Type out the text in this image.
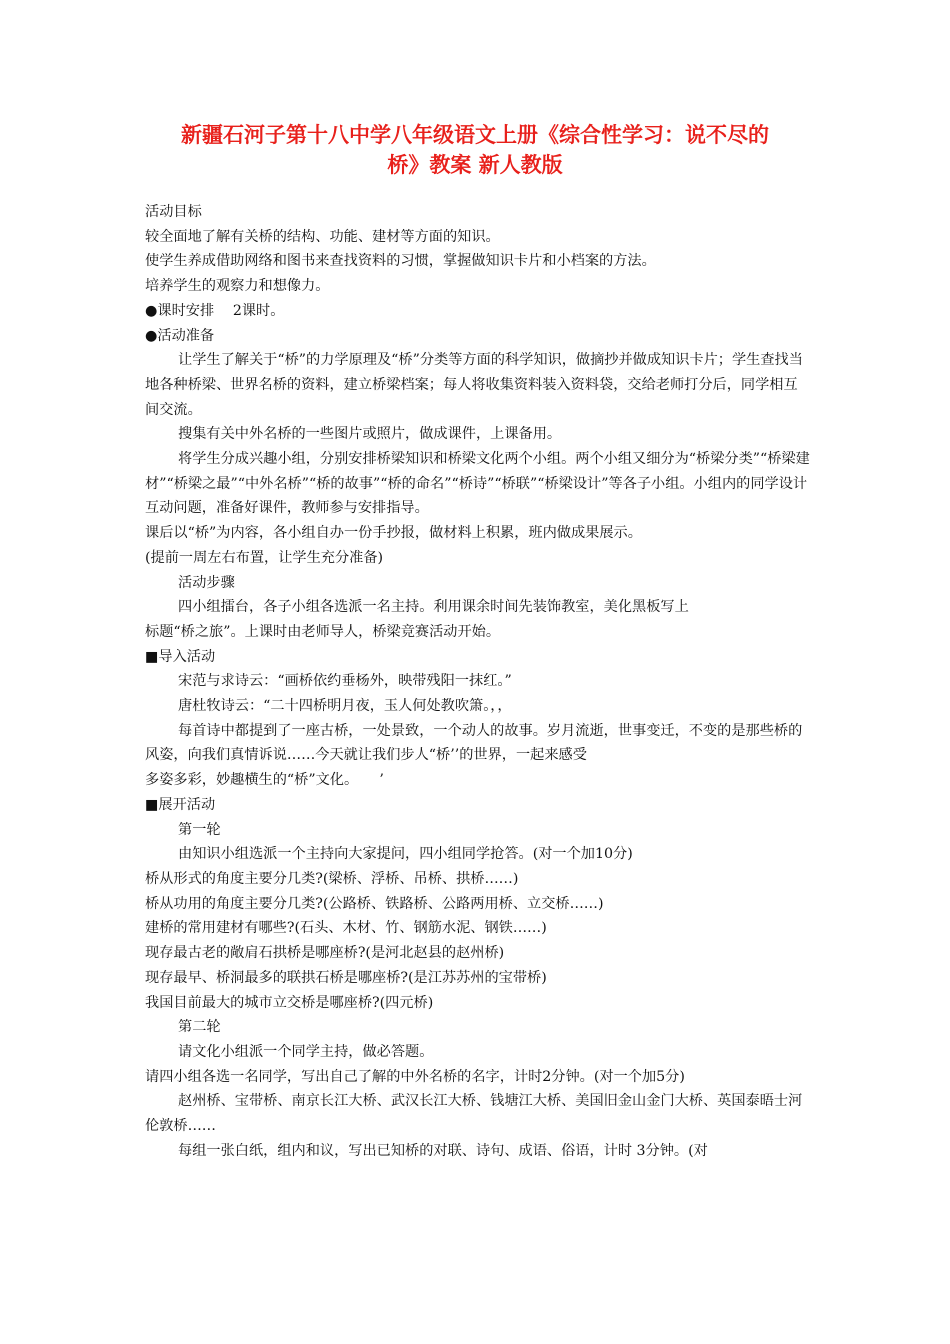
新疆石河子第十八中学八年级语文上册《综合性学习：说不尽的
桥》教案 新人教版

活动目标

较全面地了解有关桥的结构、功能、建材等方面的知识。

使学生养成借助网络和图书来查找资料的习惯，掌握做知识卡片和小档案的方法。

培养学生的观察力和想像力。

●课时安排　 2课时。

●活动准备

让学生了解关于“桥”的力学原理及“桥”分类等方面的科学知识，做摘抄并做成知识卡片；学生查找当地各种桥梁、世界名桥的资料，建立桥梁档案；每人将收集资料装入资料袋，交给老师打分后，同学相互间交流。

搜集有关中外名桥的一些图片或照片，做成课件，上课备用。

将学生分成兴趣小组，分别安排桥梁知识和桥梁文化两个小组。两个小组又细分为“桥梁分类”“桥梁建材”“桥梁之最”“中外名桥”“桥的故事”“桥的命名”“桥诗”“桥联”“桥梁设计”等各子小组。小组内的同学设计互动问题，准备好课件，教师参与安排指导。

课后以“桥”为内容，各小组自办一份手抄报，做材料上积累，班内做成果展示。

(提前一周左右布置，让学生充分准备)

活动步骤

四小组擂台，各子小组各选派一名主持。利用课余时间先装饰教室，美化黑板写上

标题“桥之旅”。上课时由老师导人，桥梁竞赛活动开始。

■导入活动

宋范与求诗云：“画桥依约垂杨外，映带残阳一抹红。”

唐杜牧诗云：“二十四桥明月夜，玉人何处教吹箫。，，

每首诗中都提到了一座古桥，一处景致，一个动人的故事。岁月流逝，世事变迁，不变的是那些桥的风姿，向我们真情诉说……今天就让我们步人“桥’’的世界，一起来感受

多姿多彩，妙趣横生的“桥”文化。　　’

■展开活动

第一轮

由知识小组选派一个主持向大家提问，四小组同学抢答。(对一个加10分)

桥从形式的角度主要分几类?(梁桥、浮桥、吊桥、拱桥……)

桥从功用的角度主要分几类?(公路桥、铁路桥、公路两用桥、立交桥……)

建桥的常用建材有哪些?(石头、木材、竹、钢筋水泥、钢铁……)

现存最古老的敞肩石拱桥是哪座桥?(是河北赵县的赵州桥)

现存最早、桥洞最多的联拱石桥是哪座桥?(是江苏苏州的宝带桥)

我国目前最大的城市立交桥是哪座桥?(四元桥)

第二轮

请文化小组派一个同学主持，做必答题。

请四小组各选一名同学，写出自己了解的中外名桥的名字，计时2分钟。(对一个加5分)

赵州桥、宝带桥、南京长江大桥、武汉长江大桥、钱塘江大桥、美国旧金山金门大桥、英国泰晤士河伦敦桥……

每组一张白纸，组内和议，写出已知桥的对联、诗句、成语、俗语，计时 3分钟。(对
